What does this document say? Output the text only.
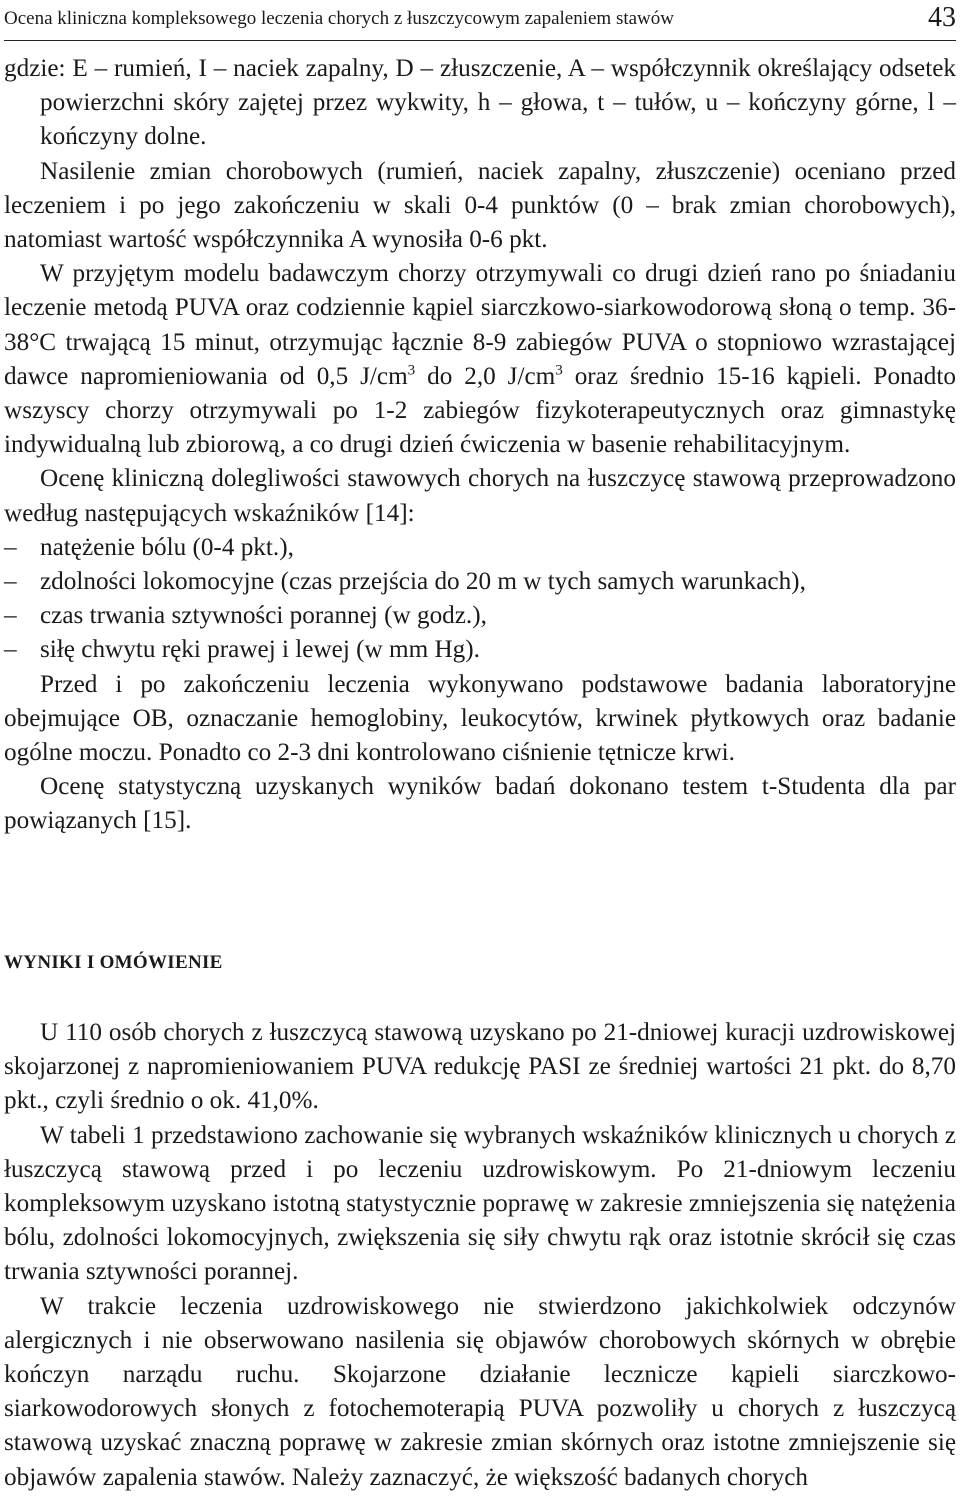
Ocena kliniczna kompleksowego leczenia chorych z łuszczycowym zapaleniem stawów	43

gdzie: E – rumień, I – naciek zapalny, D – złuszczenie, A – współczynnik określający odsetek powierzchni skóry zajętej przez wykwity, h – głowa, t – tułów, u – kończyny górne, l – kończyny dolne.

Nasilenie zmian chorobowych (rumień, naciek zapalny, złuszczenie) oceniano przed leczeniem i po jego zakończeniu w skali 0-4 punktów (0 – brak zmian chorobowych), natomiast wartość współczynnika A wynosiła 0-6 pkt.

W przyjętym modelu badawczym chorzy otrzymywali co drugi dzień rano po śniadaniu leczenie metodą PUVA oraz codziennie kąpiel siarczkowo-siarkowodorową słoną o temp. 36-38°C trwającą 15 minut, otrzymując łącznie 8-9 zabiegów PUVA o stopniowo wzrastającej dawce napromieniowania od 0,5 $J/cm^3$ do 2,0 $J/cm^3$ oraz średnio 15-16 kąpieli. Ponadto wszyscy chorzy otrzymywali po 1-2 zabiegów fizykoterapeutycznych oraz gimnastykę indywidualną lub zbiorową, a co drugi dzień ćwiczenia w basenie rehabilitacyjnym.

Ocenę kliniczną dolegliwości stawowych chorych na łuszczycę stawową przeprowadzono według następujących wskaźników [14]:

– natężenie bólu (0-4 pkt.),
– zdolności lokomocyjne (czas przejścia do 20 m w tych samych warunkach),
– czas trwania sztywności porannej (w godz.),
– siłę chwytu ręki prawej i lewej (w mm Hg).

Przed i po zakończeniu leczenia wykonywano podstawowe badania laboratoryjne obejmujące OB, oznaczanie hemoglobiny, leukocytów, krwinek płytkowych oraz badanie ogólne moczu. Ponadto co 2-3 dni kontrolowano ciśnienie tętnicze krwi.

Ocenę statystyczną uzyskanych wyników badań dokonano testem t-Studenta dla par powiązanych [15].

WYNIKI I OMÓWIENIE

U 110 osób chorych z łuszczycą stawową uzyskano po 21-dniowej kuracji uzdrowiskowej skojarzonej z napromieniowaniem PUVA redukcję PASI ze średniej wartości 21 pkt. do 8,70 pkt., czyli średnio o ok. 41,0%.

W tabeli 1 przedstawiono zachowanie się wybranych wskaźników klinicznych u chorych z łuszczycą stawową przed i po leczeniu uzdrowiskowym. Po 21-dniowym leczeniu kompleksowym uzyskano istotną statystycznie poprawę w zakresie zmniejszenia się natężenia bólu, zdolności lokomocyjnych, zwiększenia się siły chwytu rąk oraz istotnie skrócił się czas trwania sztywności porannej.

W trakcie leczenia uzdrowiskowego nie stwierdzono jakichkolwiek odczynów alergicznych i nie obserwowano nasilenia się objawów chorobowych skórnych w obrębie kończyn narządu ruchu. Skojarzone działanie lecznicze kąpieli siarczkowo-siarkowodorowych słonych z fotochemoterapią PUVA pozwoliły u chorych z łuszczycą stawową uzyskać znaczną poprawę w zakresie zmian skórnych oraz istotne zmniejszenie się objawów zapalenia stawów. Należy zaznaczyć, że większość badanych chorych
